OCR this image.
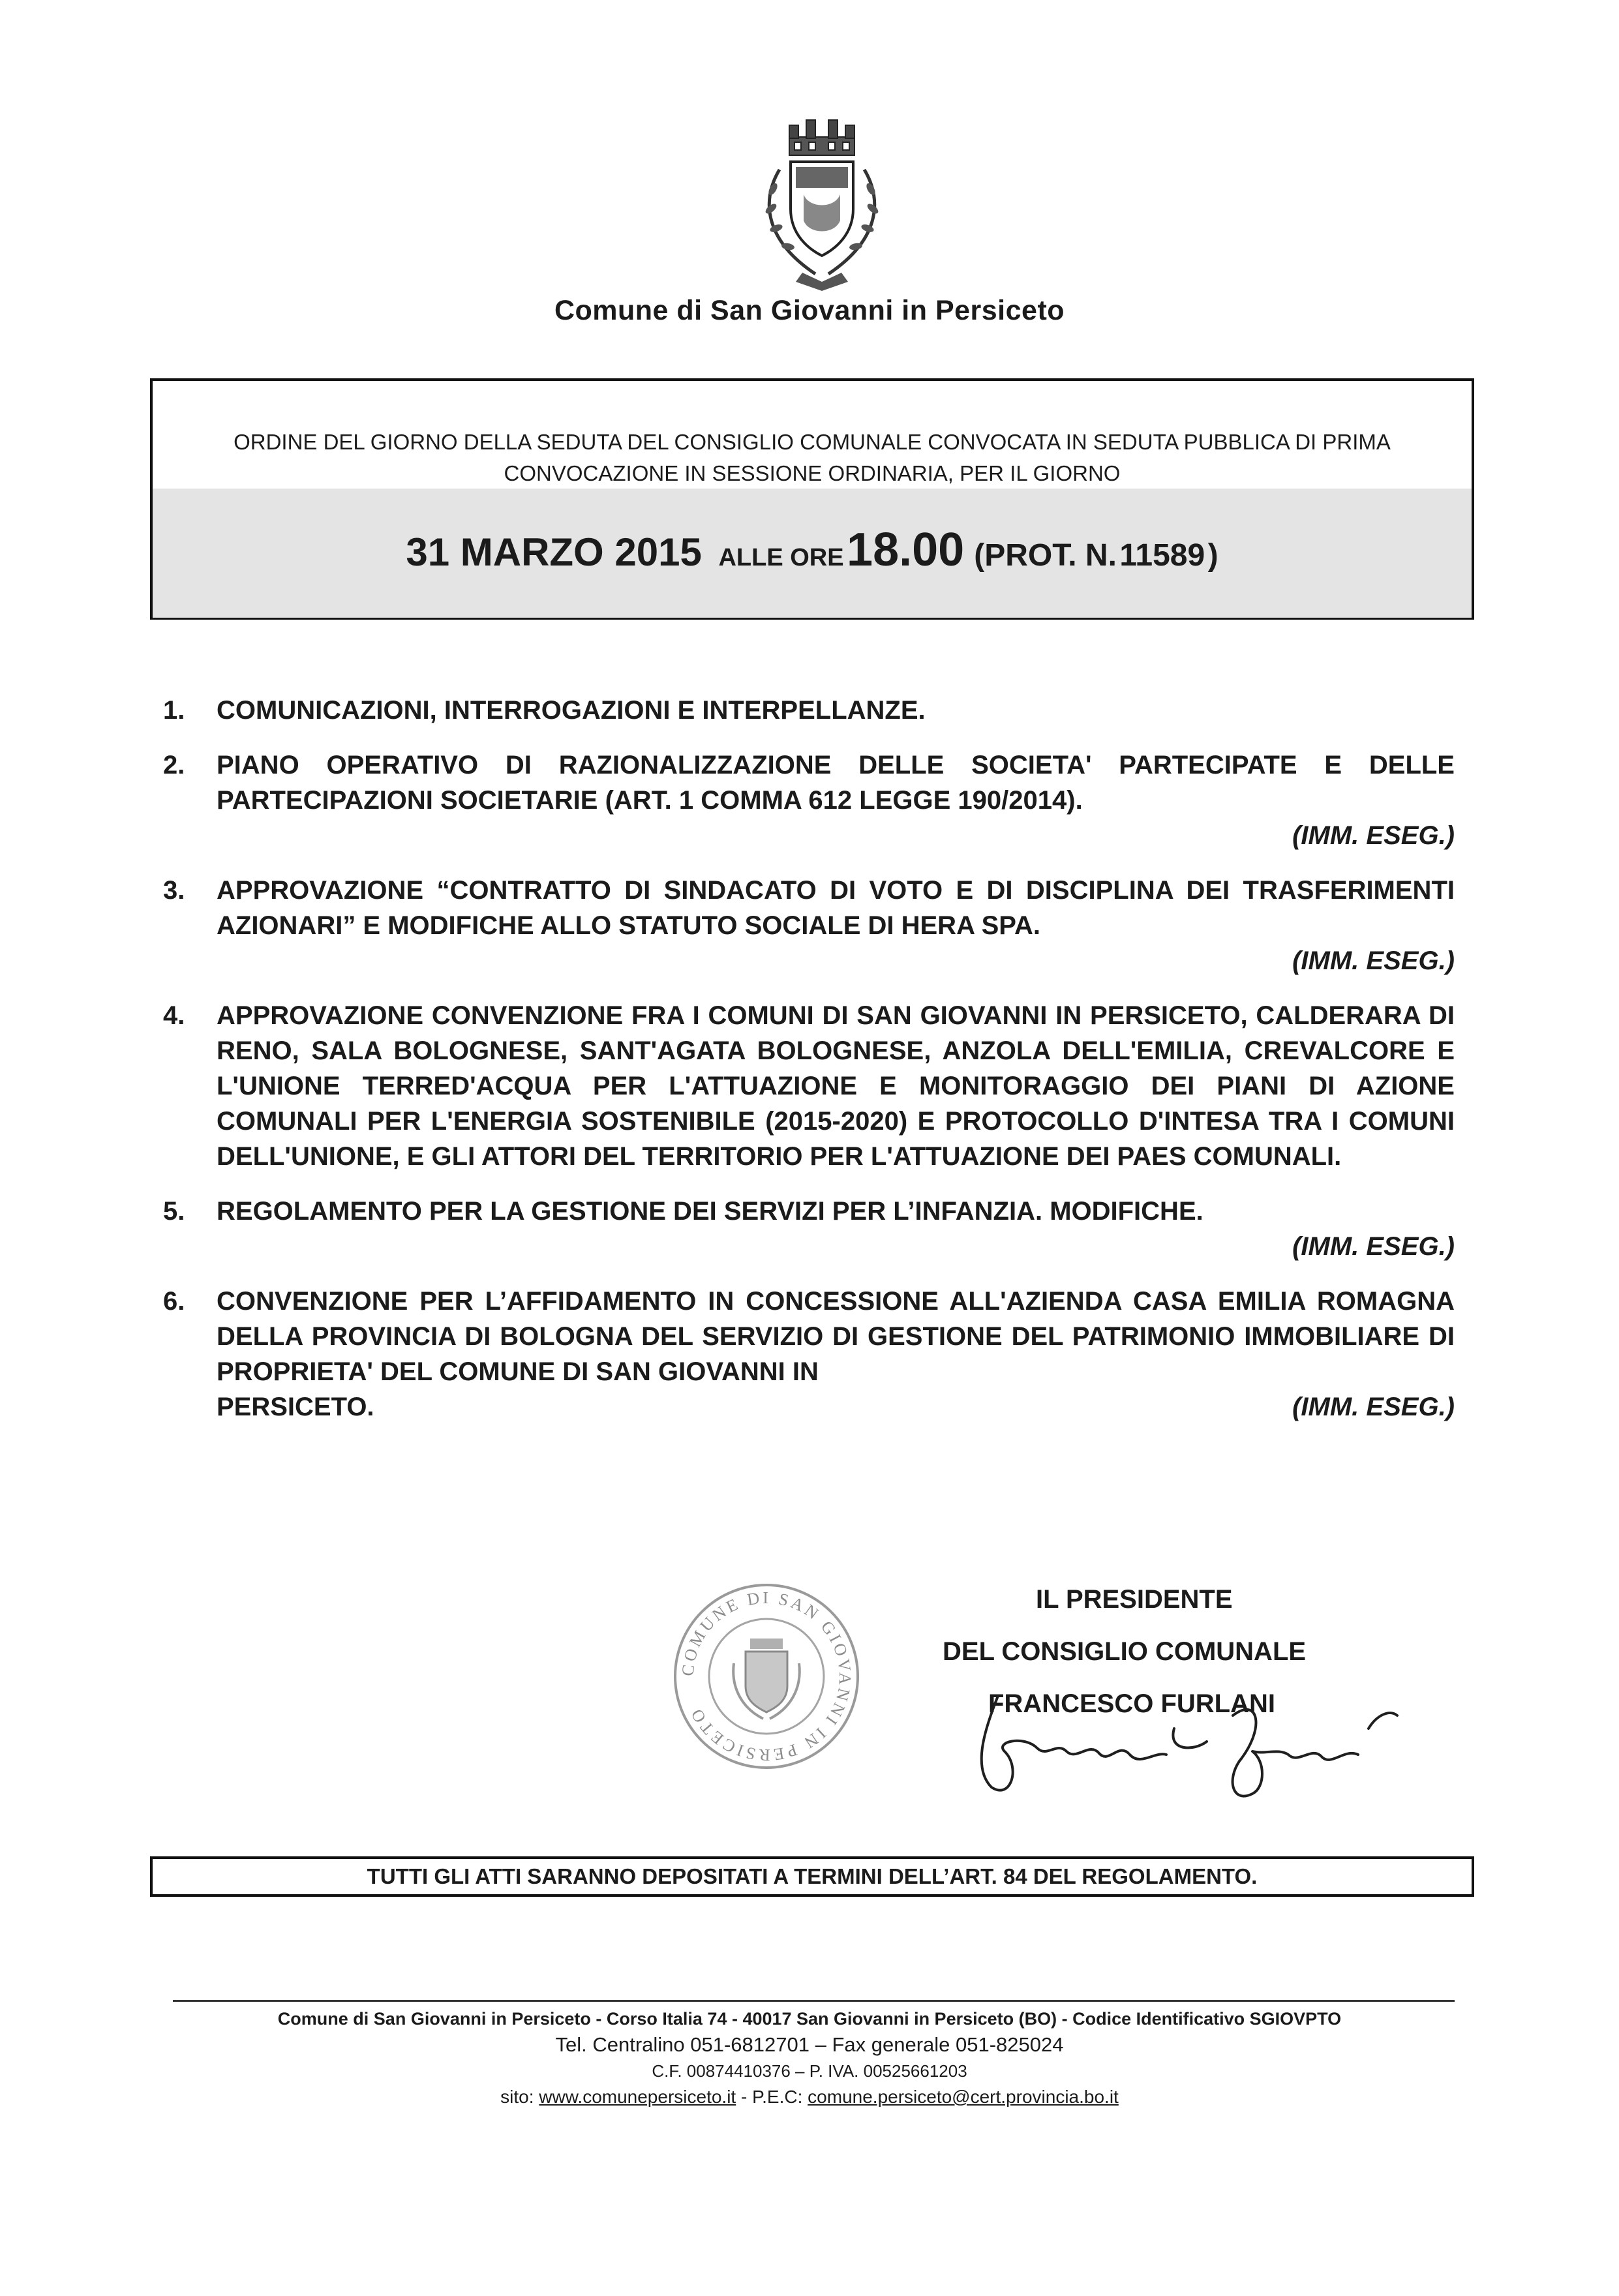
Comune di San Giovanni in Persiceto
ORDINE DEL GIORNO DELLA SEDUTA DEL CONSIGLIO COMUNALE CONVOCATA IN SEDUTA PUBBLICA DI PRIMA
CONVOCAZIONE IN SESSIONE ORDINARIA, PER IL GIORNO
31 MARZO 2015 ALLE ORE 18.00 (PROT. N. 11589 )
1. COMUNICAZIONI, INTERROGAZIONI E INTERPELLANZE.
2. PIANO OPERATIVO DI RAZIONALIZZAZIONE DELLE SOCIETA' PARTECIPATE E DELLE PARTECIPAZIONI SOCIETARIE (ART. 1 COMMA 612 LEGGE 190/2014).
(IMM. ESEG.)
3. APPROVAZIONE “CONTRATTO DI SINDACATO DI VOTO E DI DISCIPLINA DEI TRASFERIMENTI AZIONARI” E MODIFICHE ALLO STATUTO SOCIALE DI HERA SPA.
(IMM. ESEG.)
4. APPROVAZIONE CONVENZIONE FRA I COMUNI DI SAN GIOVANNI IN PERSICETO, CALDERARA DI RENO, SALA BOLOGNESE, SANT'AGATA BOLOGNESE, ANZOLA DELL'EMILIA, CREVALCORE E L'UNIONE TERRED'ACQUA PER L'ATTUAZIONE E MONITORAGGIO DEI PIANI DI AZIONE COMUNALI PER L'ENERGIA SOSTENIBILE (2015-2020) E PROTOCOLLO D'INTESA TRA I COMUNI DELL'UNIONE, E GLI ATTORI DEL TERRITORIO PER L'ATTUAZIONE DEI PAES COMUNALI.
5. REGOLAMENTO PER LA GESTIONE DEI SERVIZI PER L’INFANZIA. MODIFICHE.
(IMM. ESEG.)
6. CONVENZIONE PER L’AFFIDAMENTO IN CONCESSIONE ALL'AZIENDA CASA EMILIA ROMAGNA DELLA PROVINCIA DI BOLOGNA DEL SERVIZIO DI GESTIONE DEL PATRIMONIO IMMOBILIARE DI PROPRIETA' DEL COMUNE DI SAN GIOVANNI IN
PERSICETO.	(IMM. ESEG.)
COMUNE DI SAN GIOVANNI IN PERSICETO
IL PRESIDENTE
DEL CONSIGLIO COMUNALE
FRANCESCO FURLANI
TUTTI GLI ATTI SARANNO DEPOSITATI A TERMINI DELL’ART. 84 DEL REGOLAMENTO.
Comune di San Giovanni in Persiceto - Corso Italia 74 - 40017 San Giovanni in Persiceto (BO) - Codice Identificativo SGIOVPTO
Tel. Centralino 051-6812701 – Fax generale 051-825024
C.F. 00874410376 – P. IVA. 00525661203
sito: www.comunepersiceto.it - P.E.C: comune.persiceto@cert.provincia.bo.it
